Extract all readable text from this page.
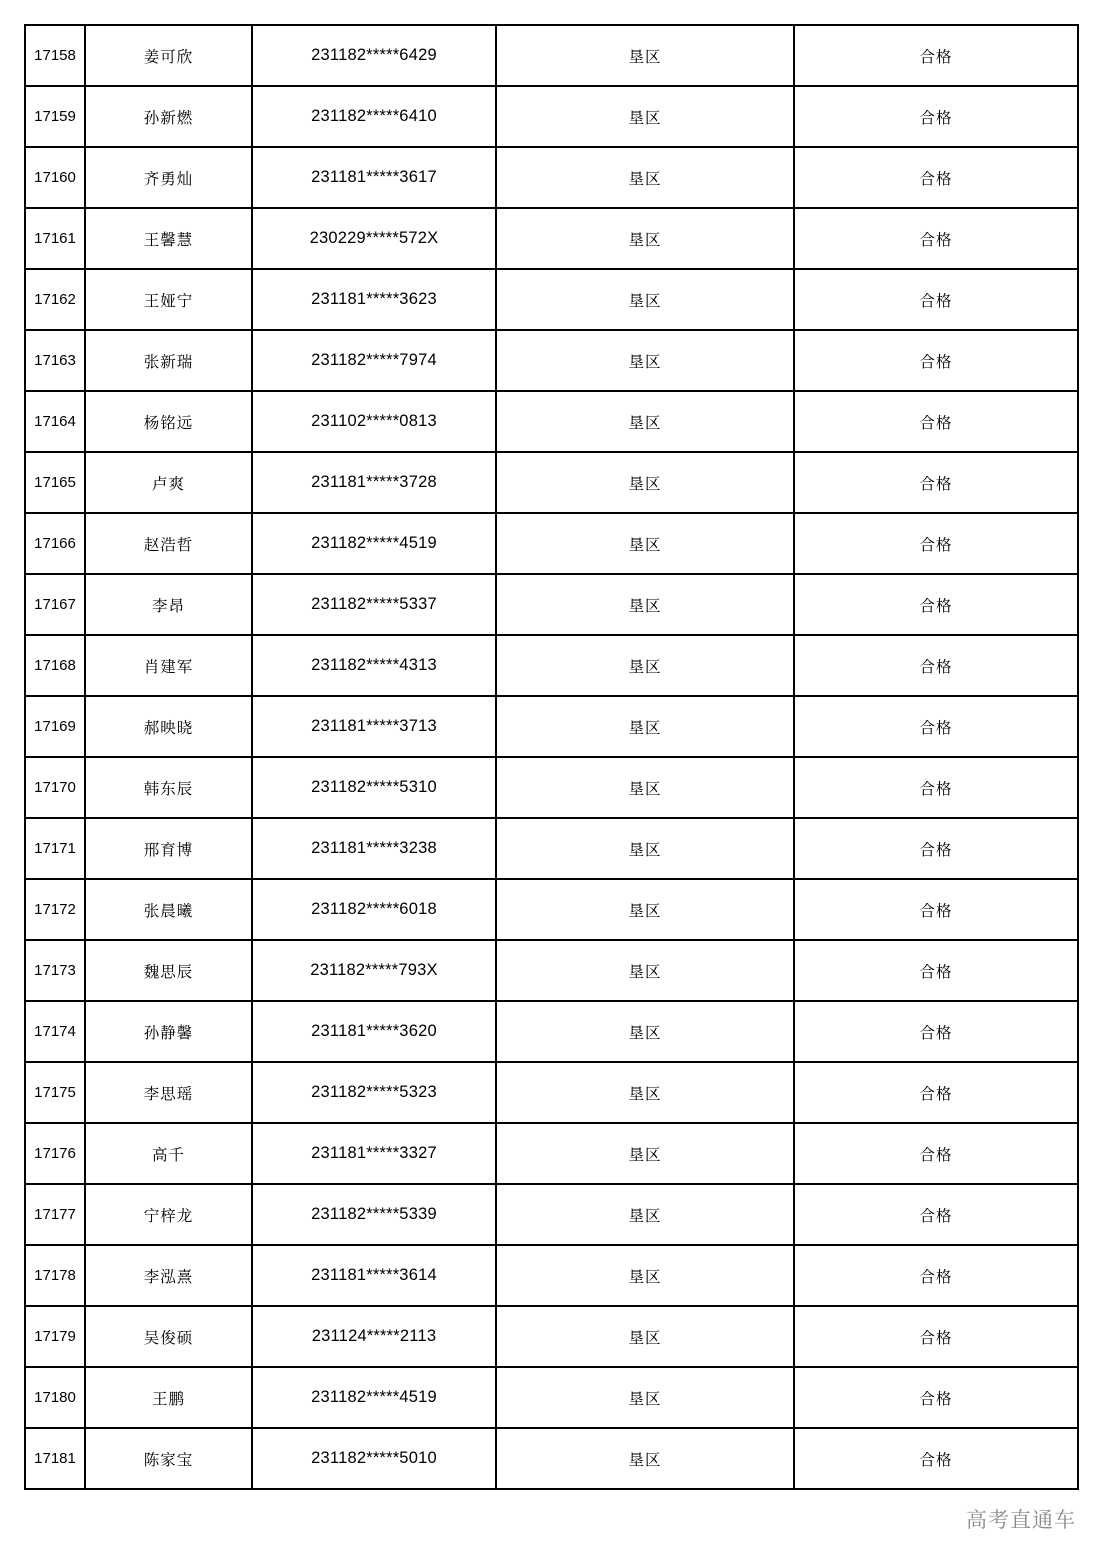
17158	姜可欣	231182*****6429	垦区	合格
17159	孙新燃	231182*****6410	垦区	合格
17160	齐勇灿	231181*****3617	垦区	合格
17161	王馨慧	230229*****572X	垦区	合格
17162	王娅宁	231181*****3623	垦区	合格
17163	张新瑞	231182*****7974	垦区	合格
17164	杨铭远	231102*****0813	垦区	合格
17165	卢爽	231181*****3728	垦区	合格
17166	赵浩哲	231182*****4519	垦区	合格
17167	李昂	231182*****5337	垦区	合格
17168	肖建军	231182*****4313	垦区	合格
17169	郝映晓	231181*****3713	垦区	合格
17170	韩东辰	231182*****5310	垦区	合格
17171	邢育博	231181*****3238	垦区	合格
17172	张晨曦	231182*****6018	垦区	合格
17173	魏思辰	231182*****793X	垦区	合格
17174	孙静馨	231181*****3620	垦区	合格
17175	李思瑶	231182*****5323	垦区	合格
17176	高千	231181*****3327	垦区	合格
17177	宁梓龙	231182*****5339	垦区	合格
17178	李泓熹	231181*****3614	垦区	合格
17179	吴俊硕	231124*****2113	垦区	合格
17180	王鹏	231182*****4519	垦区	合格
17181	陈家宝	231182*****5010	垦区	合格
高考直通车
